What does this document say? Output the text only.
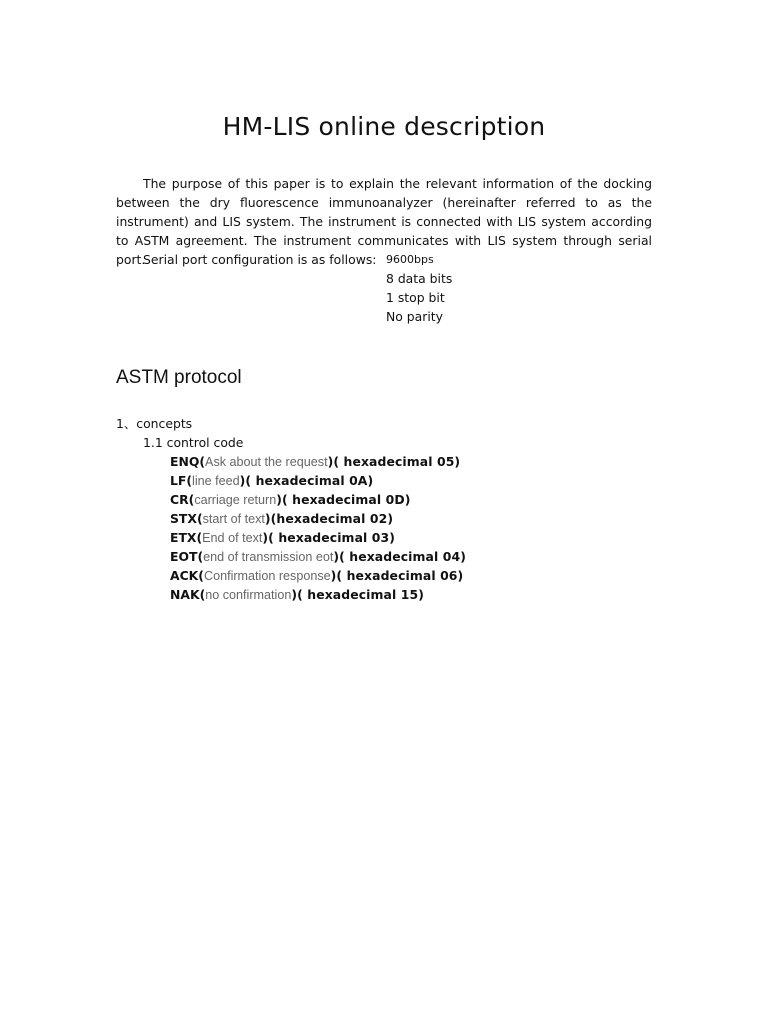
HM-LIS online description

The purpose of this paper is to explain the relevant information of the docking between the dry fluorescence immunoanalyzer (hereinafter referred to as the instrument) and LIS system. The instrument is connected with LIS system according to ASTM agreement. The instrument communicates with LIS system through serial port.

Serial port configuration is as follows: 9600bps

8 data bits

1 stop bit

No parity

ASTM protocol

1、concepts

1.1 control code

ENQ(Ask about the request)( hexadecimal 05)
LF(line feed)( hexadecimal 0A)
CR(carriage return)( hexadecimal 0D)
STX(start of text)(hexadecimal 02)
ETX(End of text)( hexadecimal 03)
EOT(end of transmission eot)( hexadecimal 04)
ACK(Confirmation response)( hexadecimal 06)
NAK(no confirmation)( hexadecimal 15)
